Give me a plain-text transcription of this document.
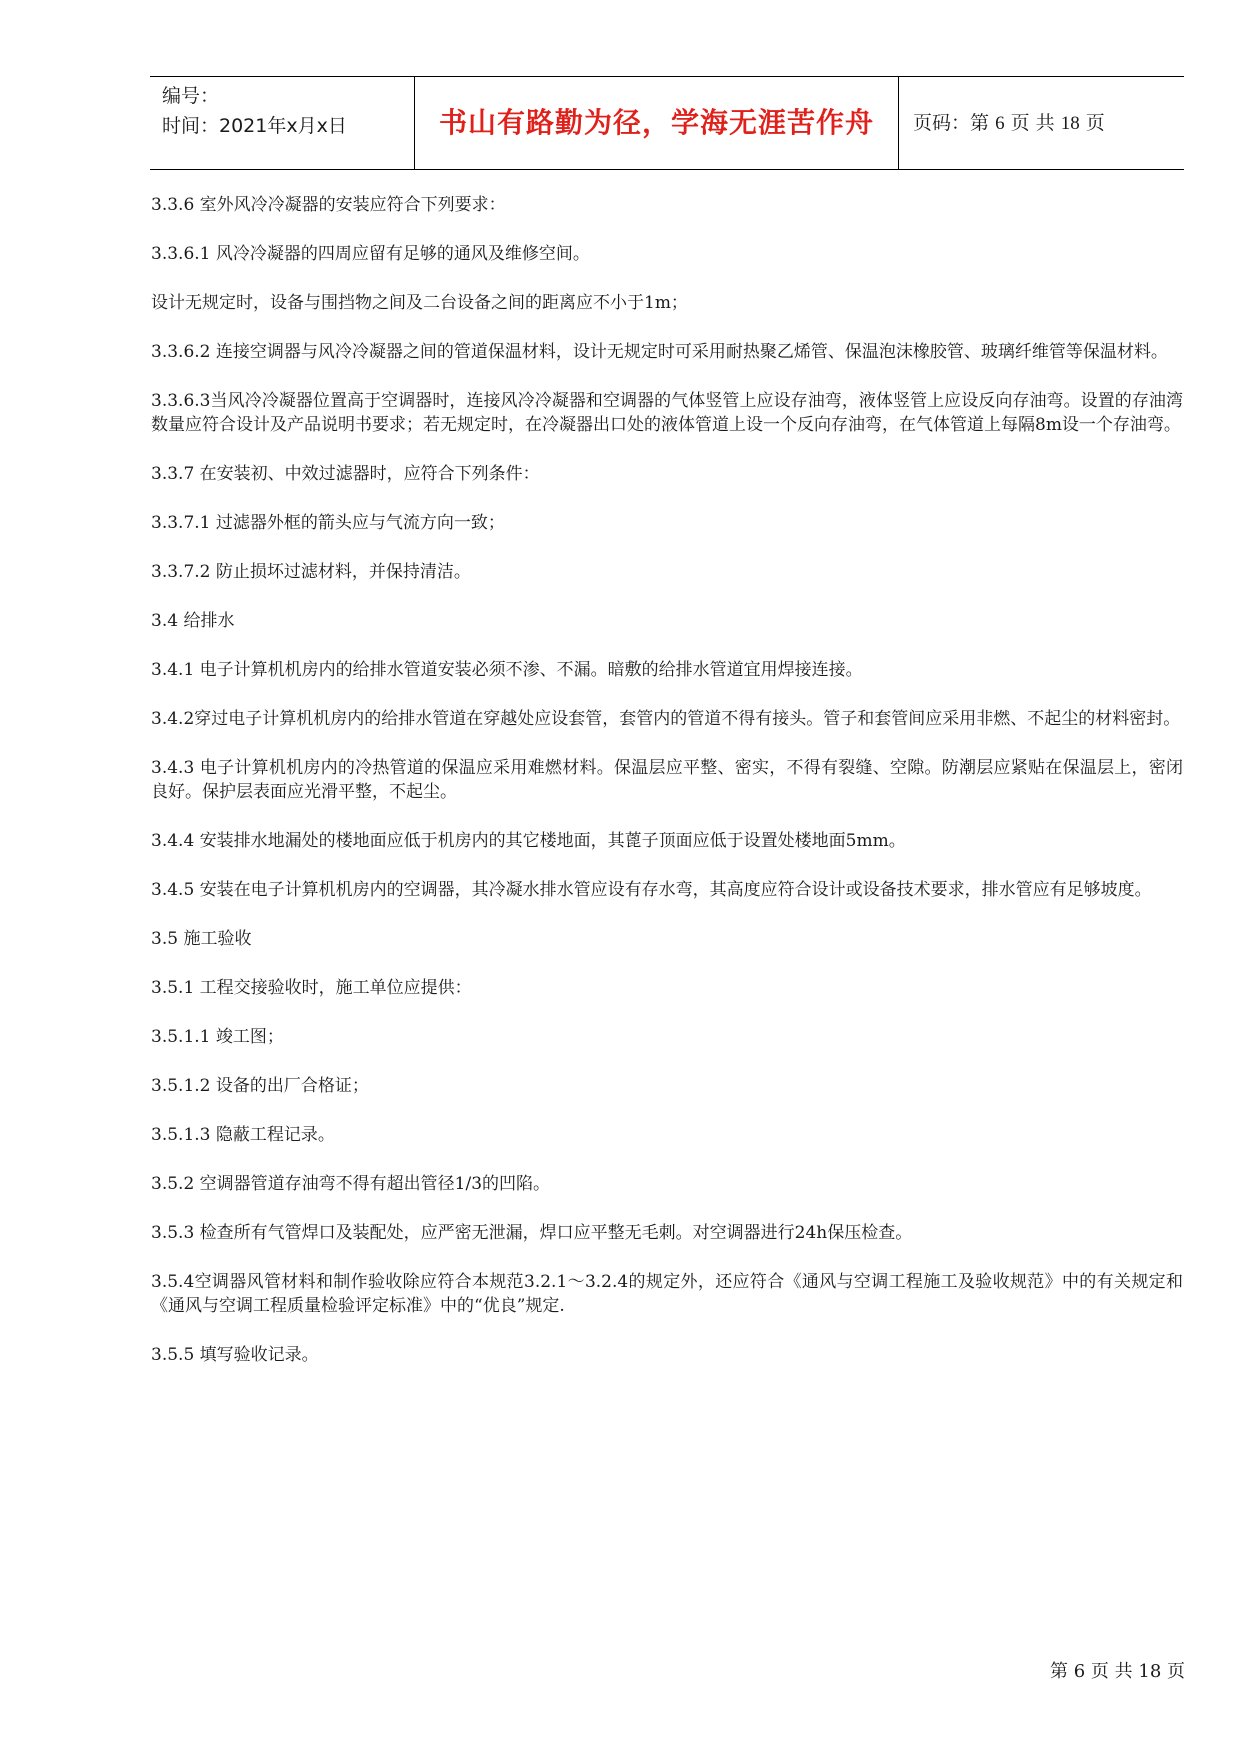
编号：
时间：2021年x月x日	书山有路勤为径，学海无涯苦作舟	页码：第 6 页 共 18 页

3.3.6 室外风冷冷凝器的安装应符合下列要求：

3.3.6.1 风冷冷凝器的四周应留有足够的通风及维修空间。

设计无规定时，设备与围挡物之间及二台设备之间的距离应不小于1m；

3.3.6.2 连接空调器与风冷冷凝器之间的管道保温材料，设计无规定时可采用耐热聚乙烯管、保温泡沫橡胶管、玻璃纤维管等保温材料。

3.3.6.3当风冷冷凝器位置高于空调器时，连接风冷冷凝器和空调器的气体竖管上应设存油弯，液体竖管上应设反向存油弯。设置的存油湾数量应符合设计及产品说明书要求；若无规定时，在冷凝器出口处的液体管道上设一个反向存油弯，在气体管道上每隔8m设一个存油弯。

3.3.7 在安装初、中效过滤器时，应符合下列条件：

3.3.7.1 过滤器外框的箭头应与气流方向一致；

3.3.7.2 防止损坏过滤材料，并保持清洁。

3.4 给排水

3.4.1 电子计算机机房内的给排水管道安装必须不渗、不漏。暗敷的给排水管道宜用焊接连接。

3.4.2穿过电子计算机机房内的给排水管道在穿越处应设套管，套管内的管道不得有接头。管子和套管间应采用非燃、不起尘的材料密封。

3.4.3 电子计算机机房内的冷热管道的保温应采用难燃材料。保温层应平整、密实，不得有裂缝、空隙。防潮层应紧贴在保温层上，密闭良好。保护层表面应光滑平整，不起尘。

3.4.4 安装排水地漏处的楼地面应低于机房内的其它楼地面，其蓖子顶面应低于设置处楼地面5mm。

3.4.5 安装在电子计算机机房内的空调器，其冷凝水排水管应设有存水弯，其高度应符合设计或设备技术要求，排水管应有足够坡度。

3.5 施工验收

3.5.1 工程交接验收时，施工单位应提供：

3.5.1.1 竣工图；

3.5.1.2 设备的出厂合格证；

3.5.1.3 隐蔽工程记录。

3.5.2 空调器管道存油弯不得有超出管径1/3的凹陷。

3.5.3 检查所有气管焊口及装配处，应严密无泄漏，焊口应平整无毛刺。对空调器进行24h保压检查。

3.5.4空调器风管材料和制作验收除应符合本规范3.2.1～3.2.4的规定外，还应符合《通风与空调工程施工及验收规范》中的有关规定和《通风与空调工程质量检验评定标准》中的“优良”规定.

3.5.5 填写验收记录。

第 6 页 共 18 页
